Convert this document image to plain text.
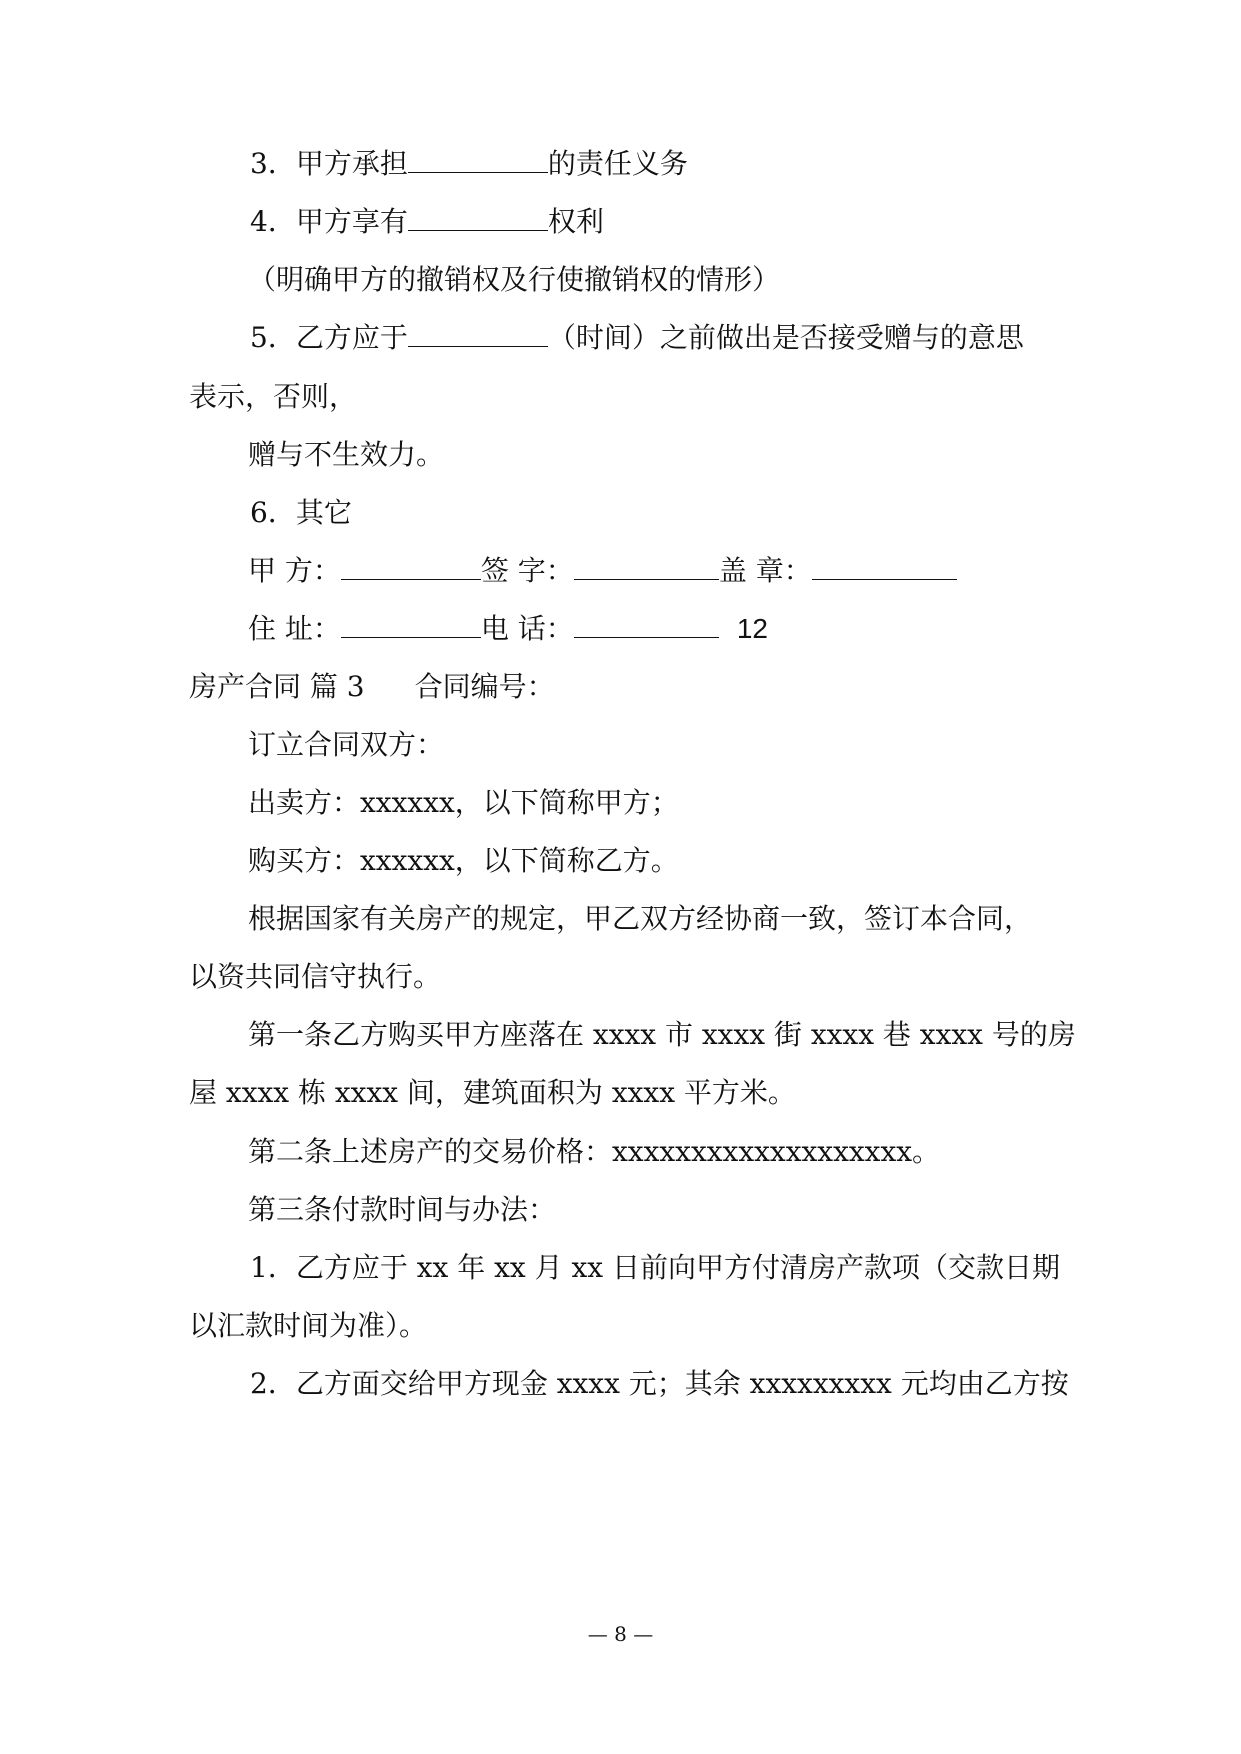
3．甲方承担	的责任义务
4．甲方享有	权利
（明确甲方的撤销权及行使撤销权的情形）
5．乙方应于	（时间）之前做出是否接受赠与的意思
表示，否则，
赠与不生效力。
6．其它
甲 方：	签 字：	盖 章：
住 址：	电 话：	12
房产合同 篇 3 合同编号：
订立合同双方：
出卖方：xxxxxx，以下简称甲方；
购买方：xxxxxx，以下简称乙方。
根据国家有关房产的规定，甲乙双方经协商一致，签订本合同，
以资共同信守执行。
第一条乙方购买甲方座落在 xxxx 市 xxxx 街 xxxx 巷 xxxx 号的房
屋 xxxx 栋 xxxx 间，建筑面积为 xxxx 平方米。
第二条上述房产的交易价格：xxxxxxxxxxxxxxxxxxx。
第三条付款时间与办法：
1．乙方应于 xx 年 xx 月 xx 日前向甲方付清房产款项（交款日期
以汇款时间为准）。
2．乙方面交给甲方现金 xxxx 元；其余 xxxxxxxxx 元均由乙方按
— 8 —
